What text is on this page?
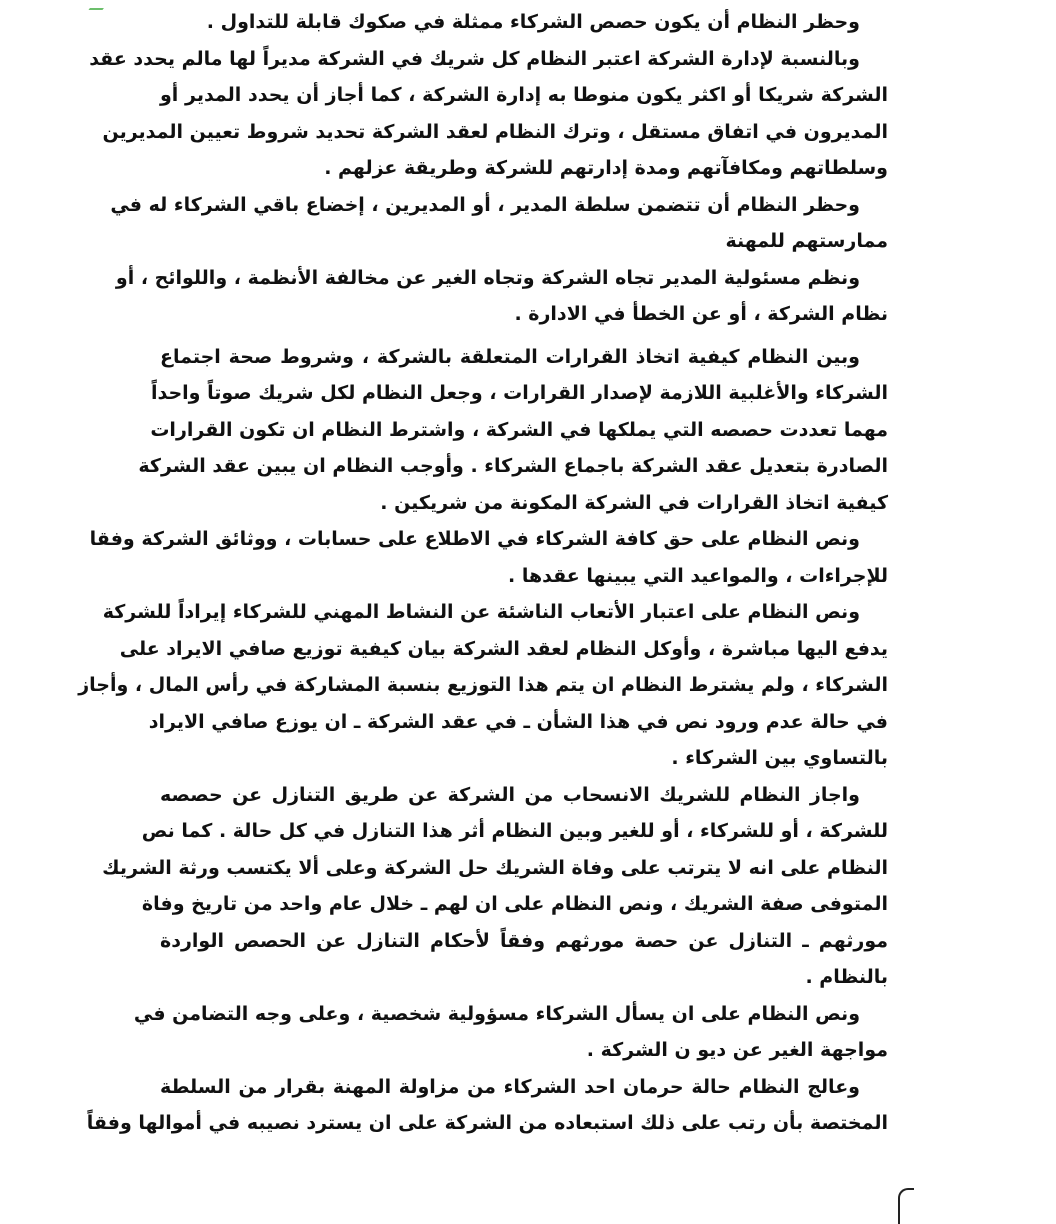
وحظر النظام أن يكون حصص الشركاء ممثلة في صكوك قابلة للتداول .
وبالنسبة لإدارة الشركة اعتبر النظام كل شريك في الشركة مديراً لها مالم يحدد عقد
الشركة شريكا أو اكثر يكون منوطا به إدارة الشركة ، كما أجاز أن يحدد المدير أو
المديرون في اتفاق مستقل ، وترك النظام لعقد الشركة تحديد شروط تعيين المديرين
وسلطاتهم ومكافآتهم ومدة إدارتهم للشركة وطريقة عزلهم .
وحظر النظام أن تتضمن سلطة المدير ، أو المديرين ، إخضاع باقي الشركاء له في
ممارستهم للمهنة
ونظم مسئولية المدير تجاه الشركة وتجاه الغير عن مخالفة الأنظمة ، واللوائح ، أو
نظام الشركة ، أو عن الخطأ في الادارة .
وبين النظام كيفية اتخاذ القرارات المتعلقة بالشركة ، وشروط صحة اجتماع
الشركاء والأغلبية اللازمة لإصدار القرارات ، وجعل النظام لكل شريك صوتاً واحداً
مهما تعددت حصصه التي يملكها في الشركة ، واشترط النظام ان تكون القرارات
الصادرة بتعديل عقد الشركة باجماع الشركاء . وأوجب النظام ان يبين عقد الشركة
كيفية اتخاذ القرارات في الشركة المكونة من شريكين .
ونص النظام على حق كافة الشركاء في الاطلاع على حسابات ، ووثائق الشركة وفقا
للإجراءات ، والمواعيد التي يبينها عقدها .
ونص النظام على اعتبار الأتعاب الناشئة عن النشاط المهني للشركاء إيراداً للشركة
يدفع اليها مباشرة ، وأوكل النظام لعقد الشركة بيان كيفية توزيع صافي الايراد على
الشركاء ، ولم يشترط النظام ان يتم هذا التوزيع بنسبة المشاركة في رأس المال ، وأجاز
في حالة عدم ورود نص في هذا الشأن ـ في عقد الشركة ـ ان يوزع صافي الايراد
بالتساوي بين الشركاء .
واجاز النظام للشريك الانسحاب من الشركة عن طريق التنازل عن حصصه
للشركة ، أو للشركاء ، أو للغير وبين النظام أثر هذا التنازل في كل حالة . كما نص
النظام على انه لا يترتب على وفاة الشريك حل الشركة وعلى ألا يكتسب ورثة الشريك
المتوفى صفة الشريك ، ونص النظام على ان لهم ـ خلال عام واحد من تاريخ وفاة
مورثهم ـ التنازل عن حصة مورثهم وفقاً لأحكام التنازل عن الحصص الواردة
بالنظام .
ونص النظام على ان يسأل الشركاء مسؤولية شخصية ، وعلى وجه التضامن في
مواجهة الغير عن ديو ن الشركة .
وعالج النظام حالة حرمان احد الشركاء من مزاولة المهنة بقرار من السلطة
المختصة بأن رتب على ذلك استبعاده من الشركة على ان يسترد نصيبه في أموالها وفقاً
